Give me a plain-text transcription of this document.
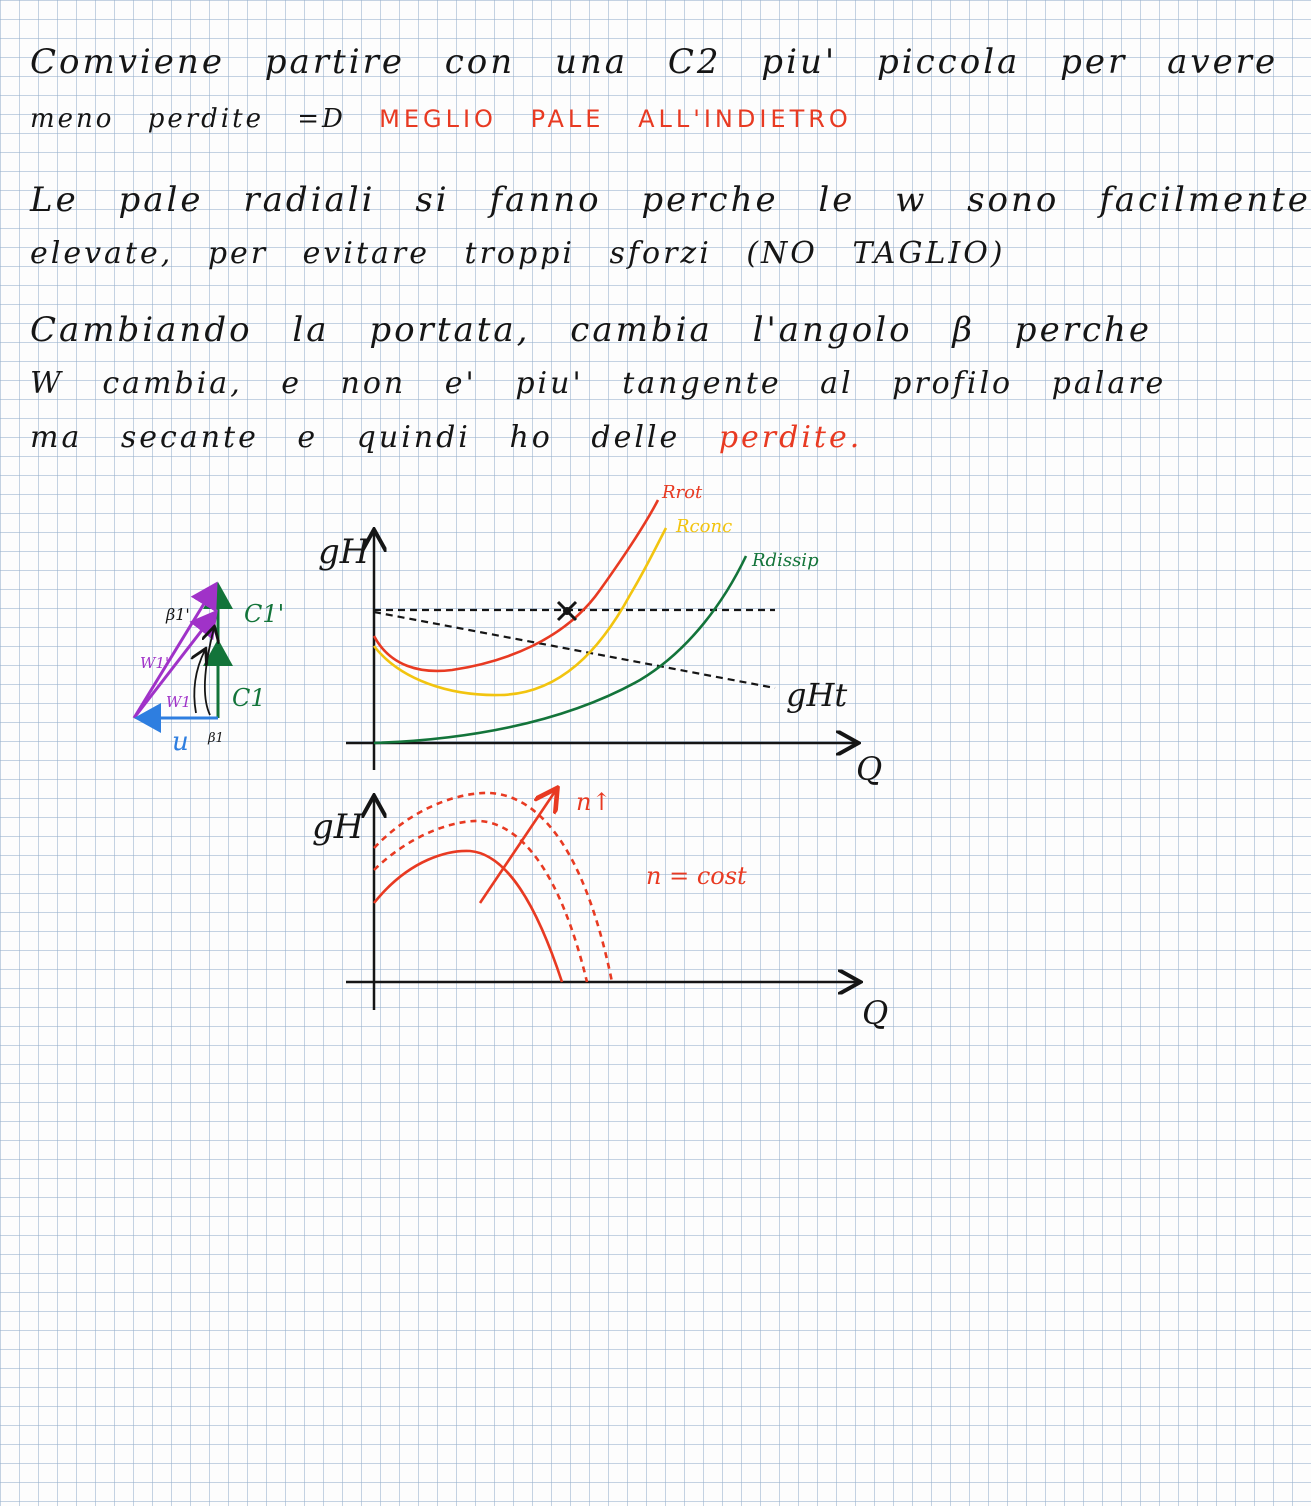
Comviene partire con una C2 piu' piccola per avere

meno perdite =D MEGLIO PALE ALL'INDIETRO

Le pale radiali si fanno perche le w sono facilmente

elevate, per evitare troppi sforzi (NO TAGLIO)

Cambiando la portata, cambia l'angolo β perche

W cambia, e non e' piu' tangente al profilo palare

ma secante e quindi ho delle perdite.

C1'
C1
W1'
W1
β1'
β1
u
gH
Q
gHt
Rrot
Rconc
Rdissip
gH
Q
n↑
n = cost
